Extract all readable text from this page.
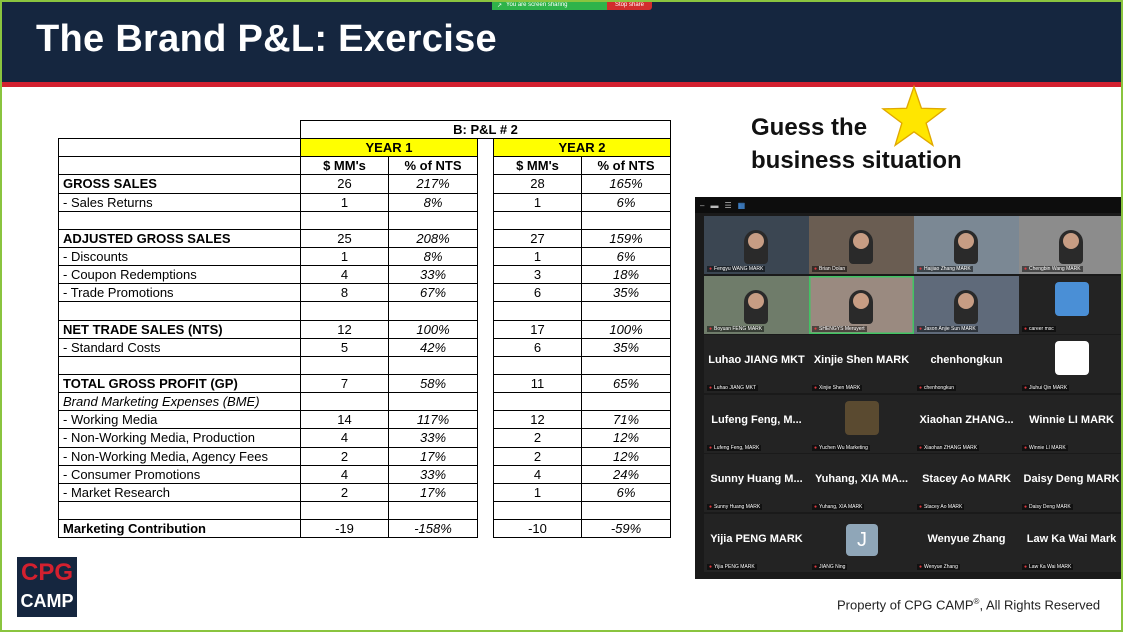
The Brand P&L: Exercise
↗ You are screen sharing	Stop share
	B: P&L # 2				
	YEAR 1			YEAR 2	
	$ MM's	% of NTS		$ MM's	% of NTS
GROSS SALES	26	217%		28	165%
- Sales Returns	1	8%		1	6%

ADJUSTED GROSS SALES	25	208%		27	159%
- Discounts	1	8%		1	6%
- Coupon Redemptions	4	33%		3	18%
- Trade Promotions	8	67%		6	35%

NET TRADE SALES (NTS)	12	100%		17	100%
- Standard Costs	5	42%		6	35%

TOTAL GROSS PROFIT (GP)	7	58%		11	65%
Brand Marketing Expenses (BME)					
- Working Media	14	117%		12	71%
- Non-Working Media, Production	4	33%		2	12%
- Non-Working Media, Agency Fees	2	17%		2	12%
- Consumer Promotions	4	33%		4	24%
- Market Research	2	17%		1	6%

Marketing Contribution	-19	-158%		-10	-59%
Guess the
business situation
– ▬ ☰ ▦
● Fengyu WANG MARK	● Brian Dolan	● Haijiao Zhang MARK	● Chengbin Wang MARK
● Boyuan FENG MARK	● SHENGYS Meruyert	● Jason Anjie Sun MARK	● career msc
Luhao JIANG MKT
● Luhao JIANG MKT
Xinjie Shen MARK
● Xinjie Shen MARK
chenhongkun
● chenhongkun	● Jiuhui Qin MARK
Lufeng Feng, M...
● Lufeng Feng, MARK	● Yuchen Wu Marketing
Xiaohan ZHANG...
● Xiaohan ZHANG MARK
Winnie LI MARK
● Winnie LI MARK
Sunny Huang M...
● Sunny Huang MARK
Yuhang, XIA MA...
● Yuhang, XIA MARK
Stacey Ao MARK
● Stacey Ao MARK
Daisy Deng MARK
● Daisy Deng MARK
Yijia PENG MARK
● Yijia PENG MARK
J
● JIANG Ning
Wenyue Zhang
● Wenyue Zhang
Law Ka Wai Mark
● Law Ka Wai MARK
CPG
CAMP	Property of CPG CAMP®, All Rights Reserved
